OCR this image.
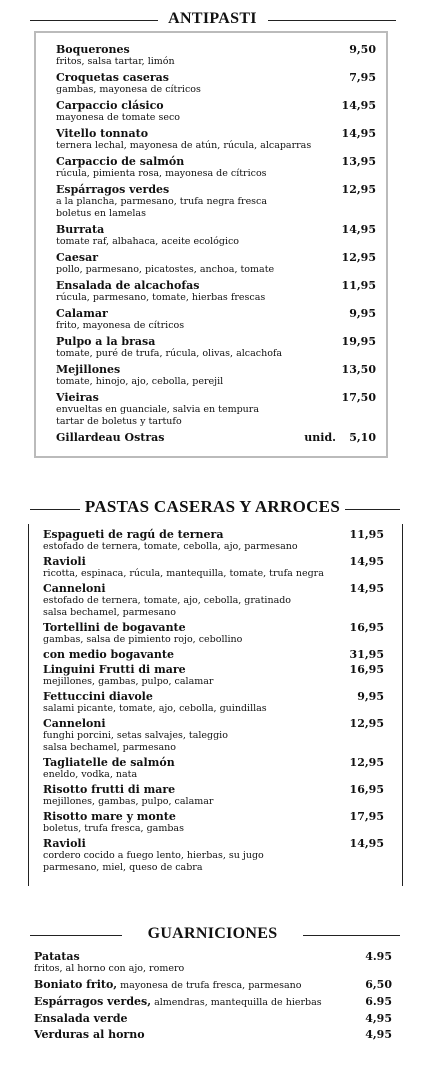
ANTIPASTI
Boquerones	9,50
fritos, salsa tartar, limón
Croquetas caseras	7,95
gambas, mayonesa de cítricos
Carpaccio clásico	14,95
mayonesa de tomate seco
Vitello tonnato	14,95
ternera lechal, mayonesa de atún, rúcula, alcaparras
Carpaccio de salmón	13,95
rúcula, pimienta rosa, mayonesa de cítricos
Espárragos verdes	12,95
a la plancha, parmesano, trufa negra fresca
boletus en lamelas
Burrata	14,95
tomate raf, albahaca, aceite ecológico
Caesar	12,95
pollo, parmesano, picatostes, anchoa, tomate
Ensalada de alcachofas	11,95
rúcula, parmesano, tomate, hierbas frescas
Calamar	9,95
frito, mayonesa de cítricos
Pulpo a la brasa	19,95
tomate, puré de trufa, rúcula, olivas, alcachofa
Mejillones	13,50
tomate, hinojo, ajo, cebolla, perejil
Vieiras	17,50
envueltas en guanciale, salvia en tempura
tartar de boletus y tartufo
Gillardeau Ostras	unid. 5,10
PASTAS CASERAS Y ARROCES
Espagueti de ragú de ternera	11,95
estofado de ternera, tomate, cebolla, ajo, parmesano
Ravioli	14,95
ricotta, espinaca, rúcula, mantequilla, tomate, trufa negra
Canneloni	14,95
estofado de ternera, tomate, ajo, cebolla, gratinado
salsa bechamel, parmesano
Tortellini de bogavante	16,95
gambas, salsa de pimiento rojo, cebollino
con medio bogavante	31,95
Linguini Frutti di mare	16,95
mejillones, gambas, pulpo, calamar
Fettuccini diavole	9,95
salami picante, tomate, ajo, cebolla, guindillas
Canneloni	12,95
funghi porcini, setas salvajes, taleggio
salsa bechamel, parmesano
Tagliatelle de salmón	12,95
eneldo, vodka, nata
Risotto frutti di mare	16,95
mejillones, gambas, pulpo, calamar
Risotto mare y monte	17,95
boletus, trufa fresca, gambas
Ravioli	14,95
cordero cocido a fuego lento, hierbas, su jugo
parmesano, miel, queso de cabra
GUARNICIONES
Patatas	4.95
fritos, al horno con ajo, romero
Boniato frito, mayonesa de trufa fresca, parmesano	6,50
Espárragos verdes, almendras, mantequilla de hierbas	6.95
Ensalada verde	4,95
Verduras al horno	4,95
